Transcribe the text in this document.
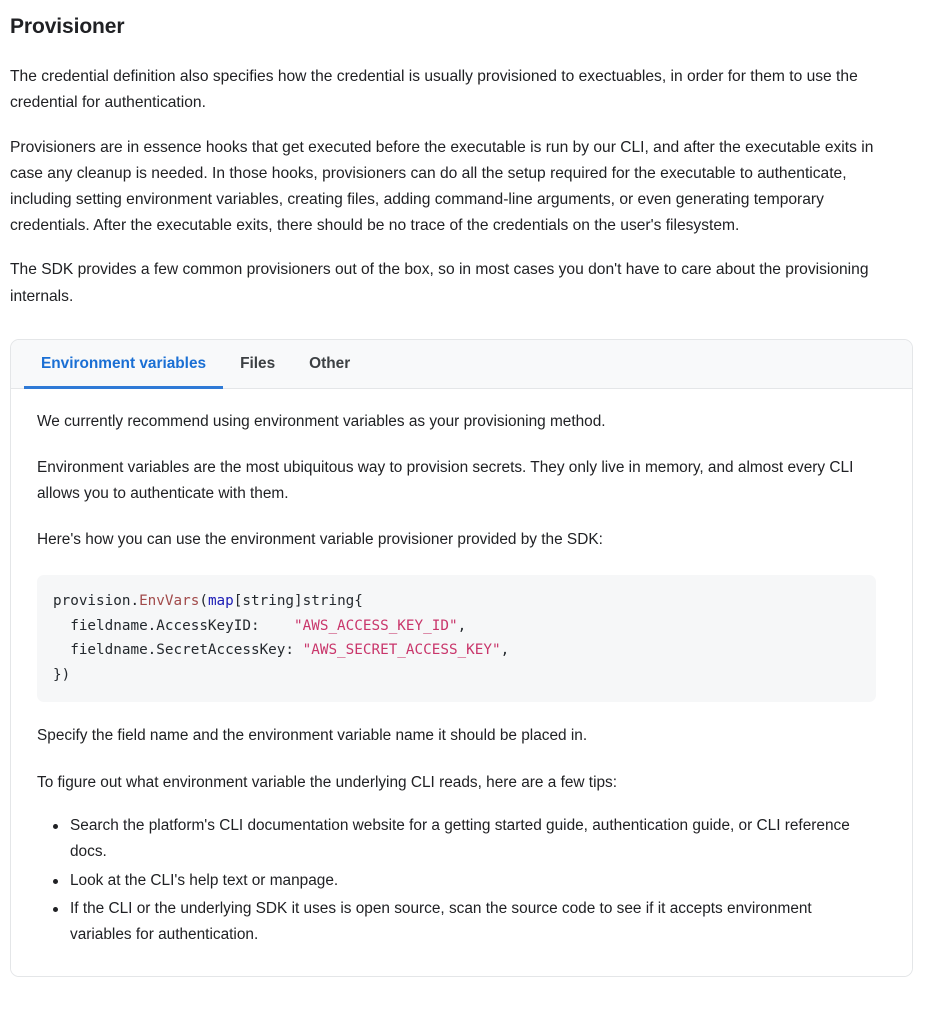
Provisioner

The credential definition also specifies how the credential is usually provisioned to exectuables, in order for them to use the credential for authentication.

Provisioners are in essence hooks that get executed before the executable is run by our CLI, and after the executable exits in case any cleanup is needed. In those hooks, provisioners can do all the setup required for the executable to authenticate, including setting environment variables, creating files, adding command-line arguments, or even generating temporary credentials. After the executable exits, there should be no trace of the credentials on the user's filesystem.

The SDK provides a few common provisioners out of the box, so in most cases you don't have to care about the provisioning internals.

Environment variables Files Other

We currently recommend using environment variables as your provisioning method.

Environment variables are the most ubiquitous way to provision secrets. They only live in memory, and almost every CLI allows you to authenticate with them.

Here's how you can use the environment variable provisioner provided by the SDK:

provision.EnvVars(map[string]string{
fieldname.AccessKeyID:    "AWS_ACCESS_KEY_ID",
fieldname.SecretAccessKey: "AWS_SECRET_ACCESS_KEY",
})

Specify the field name and the environment variable name it should be placed in.

To figure out what environment variable the underlying CLI reads, here are a few tips:

Search the platform's CLI documentation website for a getting started guide, authentication guide, or CLI reference docs.
Look at the CLI's help text or manpage.
If the CLI or the underlying SDK it uses is open source, scan the source code to see if it accepts environment variables for authentication.
